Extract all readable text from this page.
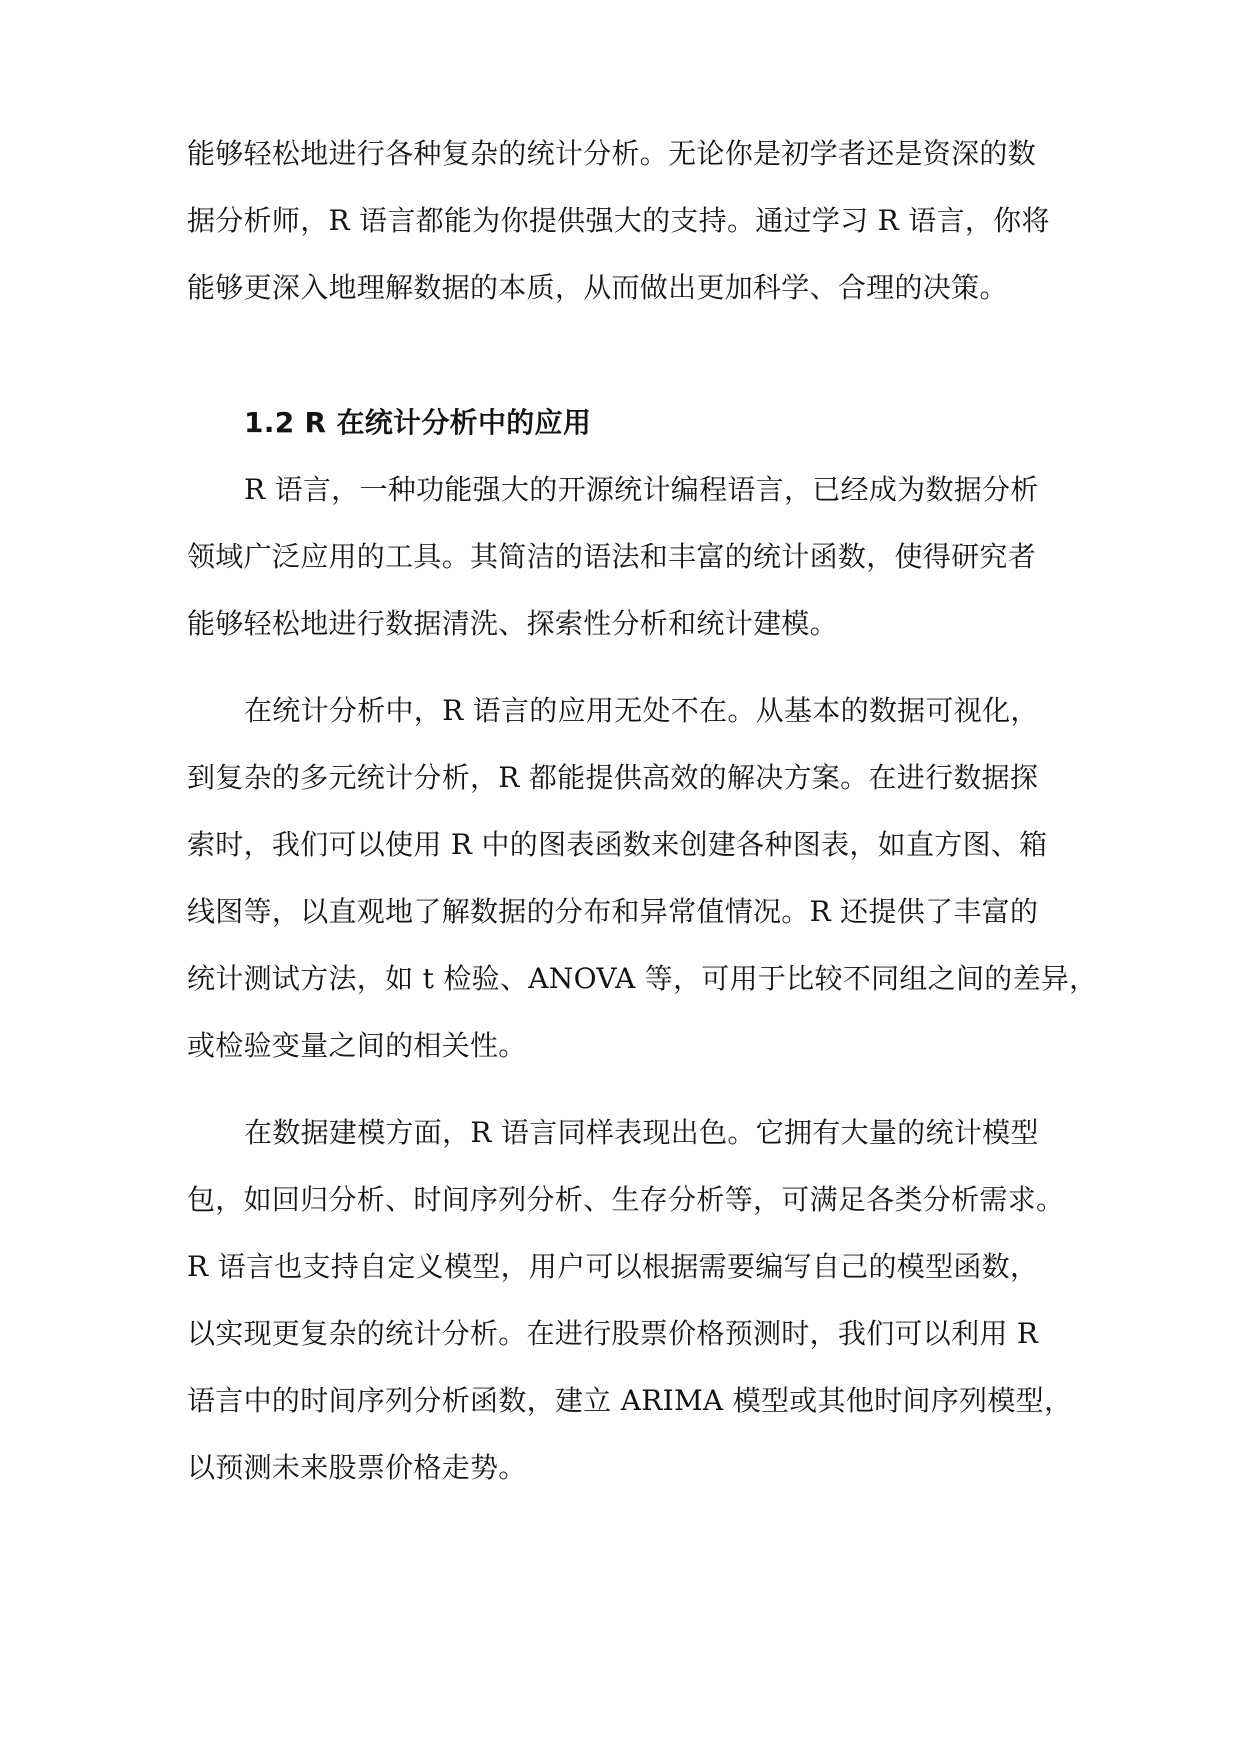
能够轻松地进行各种复杂的统计分析。无论你是初学者还是资深的数
据分析师，R 语言都能为你提供强大的支持。通过学习 R 语言，你将
能够更深入地理解数据的本质，从而做出更加科学、合理的决策。
1.2 R 在统计分析中的应用
R 语言，一种功能强大的开源统计编程语言，已经成为数据分析
领域广泛应用的工具。其简洁的语法和丰富的统计函数，使得研究者
能够轻松地进行数据清洗、探索性分析和统计建模。
在统计分析中，R 语言的应用无处不在。从基本的数据可视化，
到复杂的多元统计分析，R 都能提供高效的解决方案。在进行数据探
索时，我们可以使用 R 中的图表函数来创建各种图表，如直方图、箱
线图等，以直观地了解数据的分布和异常值情况。R 还提供了丰富的
统计测试方法，如 t 检验、ANOVA 等，可用于比较不同组之间的差异，
或检验变量之间的相关性。
在数据建模方面，R 语言同样表现出色。它拥有大量的统计模型
包，如回归分析、时间序列分析、生存分析等，可满足各类分析需求。
R 语言也支持自定义模型，用户可以根据需要编写自己的模型函数，
以实现更复杂的统计分析。在进行股票价格预测时，我们可以利用 R
语言中的时间序列分析函数，建立 ARIMA 模型或其他时间序列模型，
以预测未来股票价格走势。
